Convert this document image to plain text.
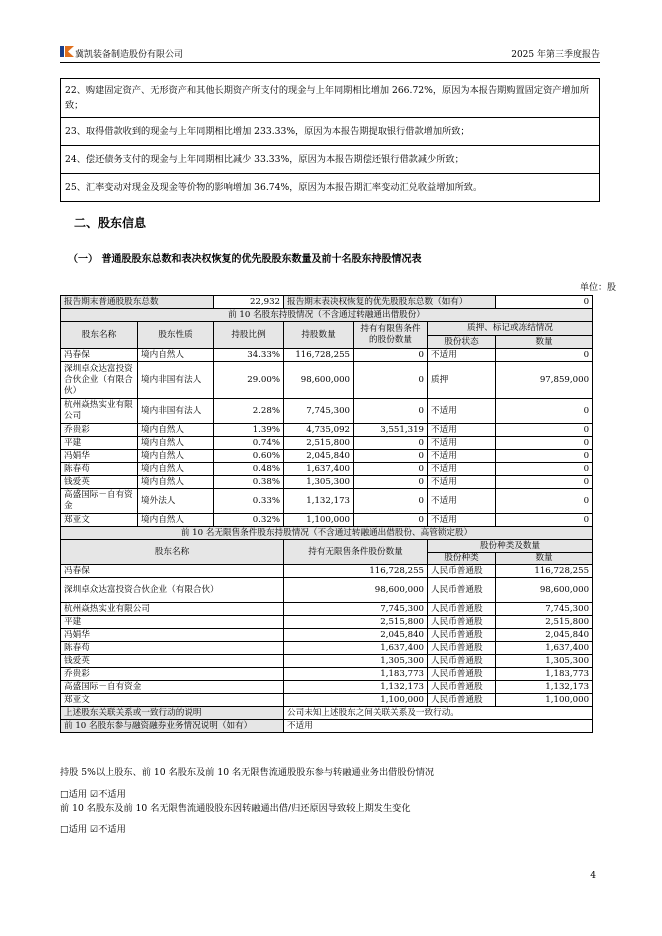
冀凯装备制造股份有限公司	2025 年第三季度报告
22、购建固定资产、无形资产和其他长期资产所支付的现金与上年同期相比增加 266.72%，原因为本报告期购置固定资产增加所致；
23、取得借款收到的现金与上年同期相比增加 233.33%，原因为本报告期提取银行借款增加所致；
24、偿还债务支付的现金与上年同期相比减少 33.33%，原因为本报告期偿还银行借款减少所致；
25、汇率变动对现金及现金等价物的影响增加 36.74%，原因为本报告期汇率变动汇兑收益增加所致。
二、股东信息
（一） 普通股股东总数和表决权恢复的优先股股东数量及前十名股东持股情况表
单位：股
报告期末普通股股东总数		22,932	报告期末表决权恢复的优先股股东总数（如有）			0
前 10 名股东持股情况（不含通过转融通出借股份）						
股东名称	股东性质	持股比例	持股数量	持有有限售条件的股份数量	质押、标记或冻结情况	
					股份状态	数量
冯春保	境内自然人	34.33%	116,728,255	0	不适用	0
深圳卓众达富投资合伙企业（有限合伙）	境内非国有法人	29.00%	98,600,000	0	质押	97,859,000
杭州焱热实业有限公司	境内非国有法人	2.28%	7,745,300	0	不适用	0
乔贵彩	境内自然人	1.39%	4,735,092	3,551,319	不适用	0
平建	境内自然人	0.74%	2,515,800	0	不适用	0
冯娟华	境内自然人	0.60%	2,045,840	0	不适用	0
陈春苟	境内自然人	0.48%	1,637,400	0	不适用	0
钱爱英	境内自然人	0.38%	1,305,300	0	不适用	0
高盛国际－自有资金	境外法人	0.33%	1,132,173	0	不适用	0
郑亚文	境内自然人	0.32%	1,100,000	0	不适用	0
前 10 名无限售条件股东持股情况（不含通过转融通出借股份、高管锁定股）						
股东名称			持有无限售条件股份数量		股份种类及数量	
					股份种类	数量
冯春保			116,728,255		人民币普通股	116,728,255
深圳卓众达富投资合伙企业（有限合伙）			98,600,000		人民币普通股	98,600,000
杭州焱热实业有限公司			7,745,300		人民币普通股	7,745,300
平建			2,515,800		人民币普通股	2,515,800
冯娟华			2,045,840		人民币普通股	2,045,840
陈春苟			1,637,400		人民币普通股	1,637,400
钱爱英			1,305,300		人民币普通股	1,305,300
乔贵彩			1,183,773		人民币普通股	1,183,773
高盛国际－自有资金			1,132,173		人民币普通股	1,132,173
郑亚文			1,100,000		人民币普通股	1,100,000
上述股东关联关系或一致行动的说明			公司未知上述股东之间关联关系及一致行动。			
前 10 名股东参与融资融券业务情况说明（如有）			不适用			
持股 5%以上股东、前 10 名股东及前 10 名无限售流通股股东参与转融通业务出借股份情况
□适用 ☑不适用
前 10 名股东及前 10 名无限售流通股股东因转融通出借/归还原因导致较上期发生变化
□适用 ☑不适用
4
